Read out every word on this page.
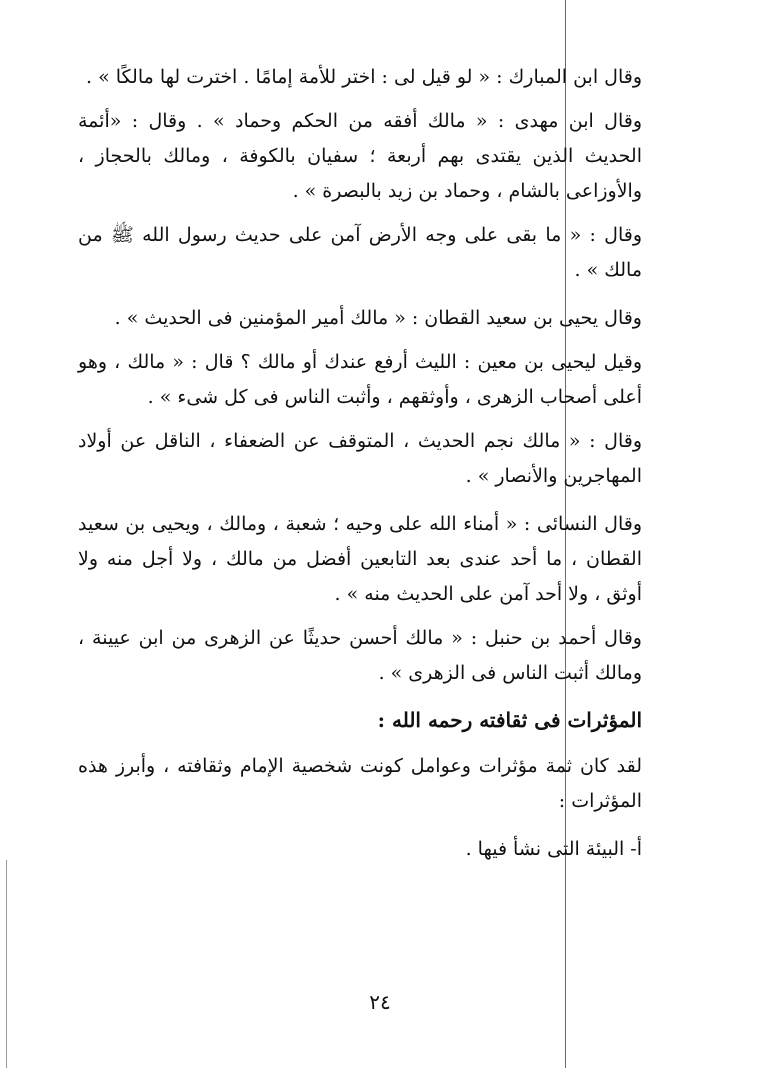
وقال ابن المبارك : « لو قيل لى : اختر للأمة إمامًا . اخترت لها مالكًا » .

وقال ابن مهدى : « مالك أفقه من الحكم وحماد » . وقال : «أئمة الحديث الذين يقتدى بهم أربعة ؛ سفيان بالكوفة ، ومالك بالحجاز ، والأوزاعى بالشام ، وحماد بن زيد بالبصرة » .

وقال : « ما بقى على وجه الأرض آمن على حديث رسول الله ﷺ من مالك » .

وقال يحيى بن سعيد القطان : « مالك أمير المؤمنين فى الحديث » .

وقيل ليحيى بن معين : الليث أرفع عندك أو مالك ؟ قال : « مالك ، وهو أعلى أصحاب الزهرى ، وأوثقهم ، وأثبت الناس فى كل شىء » .

وقال : « مالك نجم الحديث ، المتوقف عن الضعفاء ، الناقل عن أولاد المهاجرين والأنصار » .

وقال النسائى : « أمناء الله على وحيه ؛ شعبة ، ومالك ، ويحيى بن سعيد القطان ، ما أحد عندى بعد التابعين أفضل من مالك ، ولا أجل منه ولا أوثق ، ولا أحد آمن على الحديث منه » .

وقال أحمد بن حنبل : « مالك أحسن حديثًا عن الزهرى من ابن عيينة ، ومالك أثبت الناس فى الزهرى » .

المؤثرات فى ثقافته رحمه الله :

لقد كان ثمة مؤثرات وعوامل كونت شخصية الإمام وثقافته ، وأبرز هذه المؤثرات :

أ- البيئة التى نشأ فيها .

٢٤
